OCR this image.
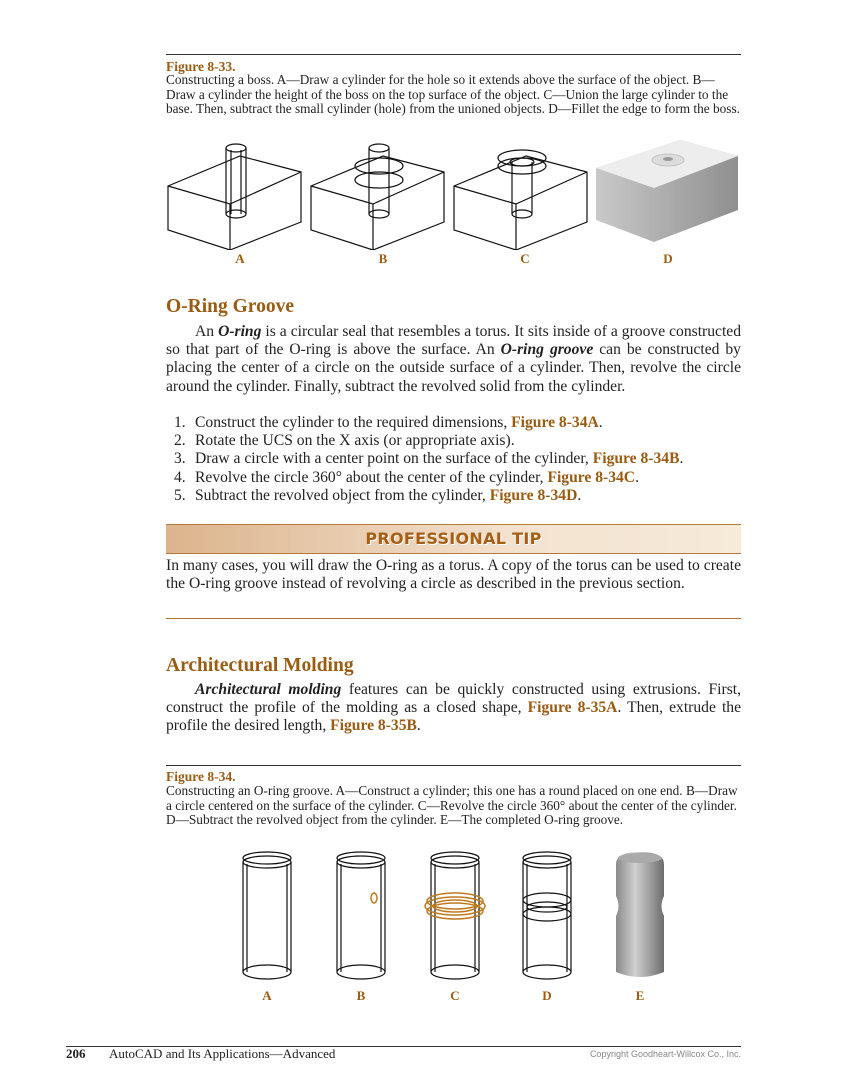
Figure 8-33.
Constructing a boss. A—Draw a cylinder for the hole so it extends above the surface of the object. B—Draw a cylinder the height of the boss on the top surface of the object. C—Union the large cylinder to the base. Then, subtract the small cylinder (hole) from the unioned objects. D—Fillet the edge to form the boss.
A	B	C	D
O-Ring Groove
An O-ring is a circular seal that resembles a torus. It sits inside of a groove constructed so that part of the O-ring is above the surface. An O-ring groove can be constructed by placing the center of a circle on the outside surface of a cylinder. Then, revolve the circle around the cylinder. Finally, subtract the revolved solid from the cylinder.
1. Construct the cylinder to the required dimensions, Figure 8-34A.
2. Rotate the UCS on the X axis (or appropriate axis).
3. Draw a circle with a center point on the surface of the cylinder, Figure 8-34B.
4. Revolve the circle 360° about the center of the cylinder, Figure 8-34C.
5. Subtract the revolved object from the cylinder, Figure 8-34D.
PROFESSIONAL TIP
In many cases, you will draw the O-ring as a torus. A copy of the torus can be used to create the O-ring groove instead of revolving a circle as described in the previous section.
Architectural Molding
Architectural molding features can be quickly constructed using extrusions. First, construct the profile of the molding as a closed shape, Figure 8-35A. Then, extrude the profile the desired length, Figure 8-35B.
Figure 8-34.
Constructing an O-ring groove. A—Construct a cylinder; this one has a round placed on one end. B—Draw a circle centered on the surface of the cylinder. C—Revolve the circle 360° about the center of the cylinder. D—Subtract the revolved object from the cylinder. E—The completed O-ring groove.
A	B	C	D	E
206 AutoCAD and Its Applications—Advanced	Copyright Goodheart-Willcox Co., Inc.
